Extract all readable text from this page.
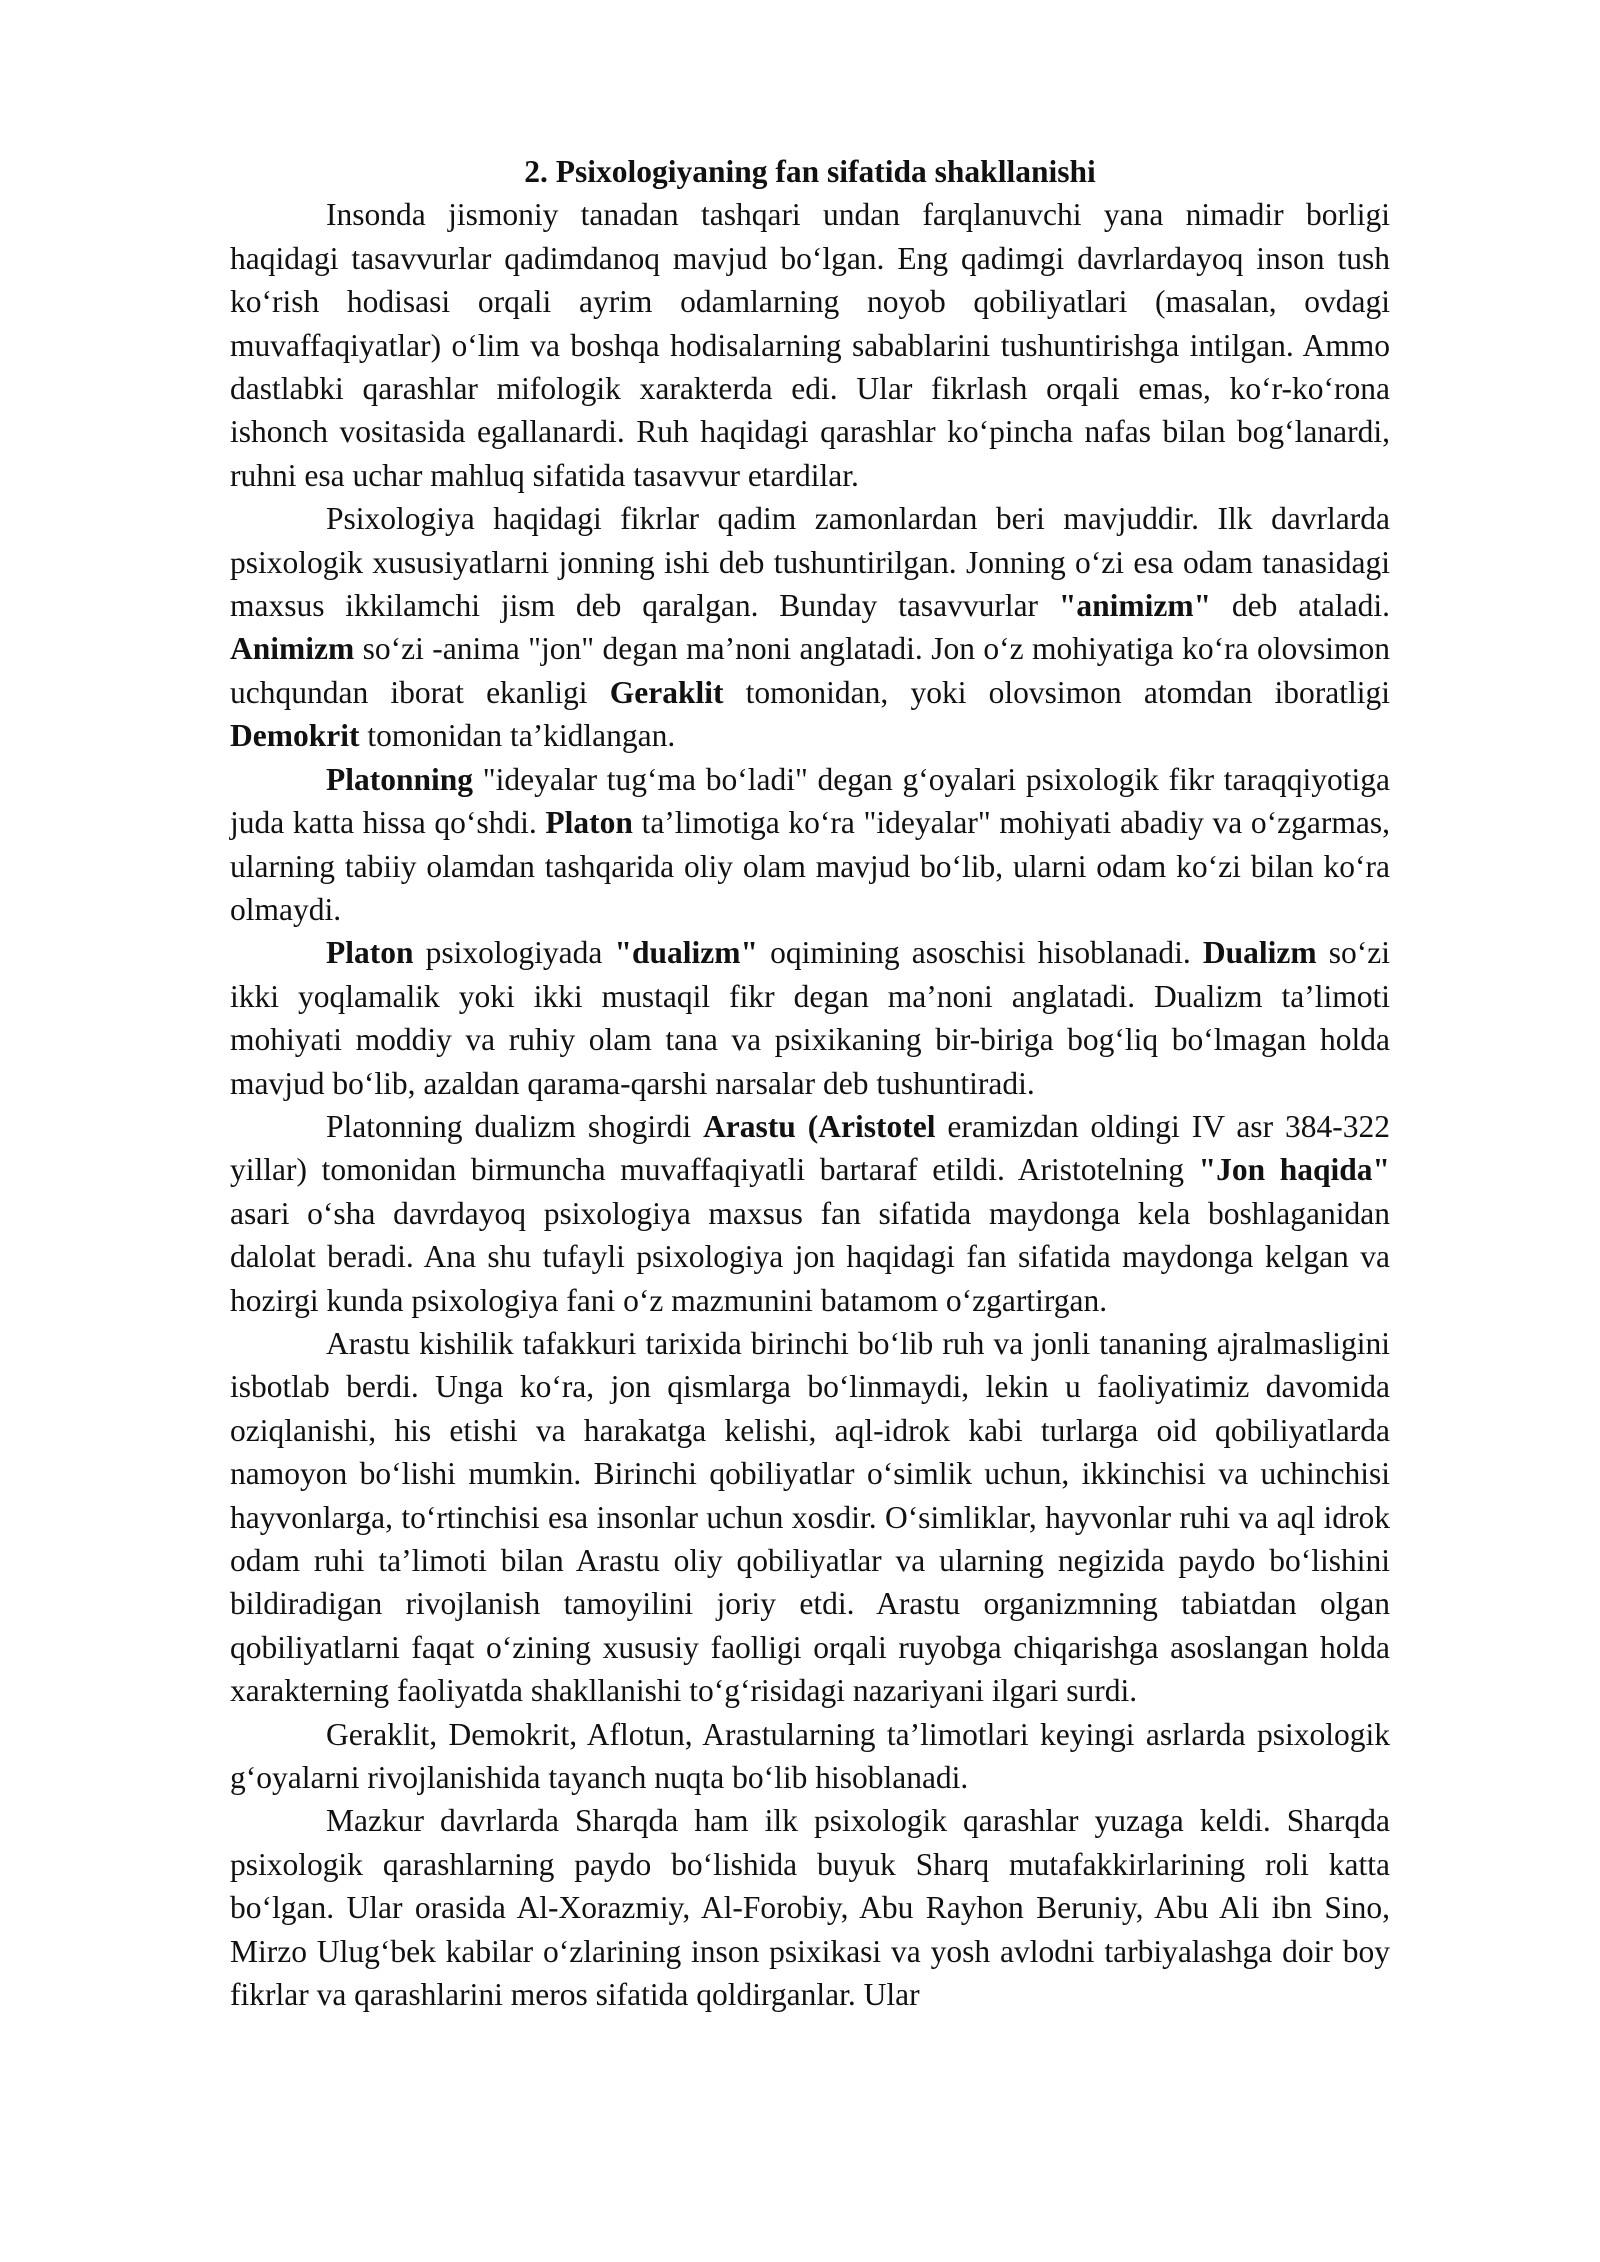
2. Psixologiyaning fan sifatida shakllanishi

Insonda jismoniy tanadan tashqari undan farqlanuvchi yana nimadir borligi haqidagi tasavvurlar qadimdanoq mavjud bo‘lgan. Eng qadimgi davrlardayoq inson tush ko‘rish hodisasi orqali ayrim odamlarning noyob qobiliyatlari (masalan, ovdagi muvaffaqiyatlar) o‘lim va boshqa hodisalarning sabablarini tushuntirishga intilgan. Ammo dastlabki qarashlar mifologik xarakterda edi. Ular fikrlash orqali emas, ko‘r-ko‘rona ishonch vositasida egallanardi. Ruh haqidagi qarashlar ko‘pincha nafas bilan bog‘lanardi, ruhni esa uchar mahluq sifatida tasavvur etardilar.

Psixologiya haqidagi fikrlar qadim zamonlardan beri mavjuddir. Ilk davrlarda psixologik xususiyatlarni jonning ishi deb tushuntirilgan. Jonning o‘zi esa odam tanasidagi maxsus ikkilamchi jism deb qaralgan. Bunday tasavvurlar "animizm" deb ataladi. Animizm so‘zi -anima "jon" degan ma’noni anglatadi. Jon o‘z mohiyatiga ko‘ra olovsimon uchqundan iborat ekanligi Geraklit tomonidan, yoki olovsimon atomdan iboratligi Demokrit tomonidan ta’kidlangan.

Platonning "ideyalar tug‘ma bo‘ladi" degan g‘oyalari psixologik fikr taraqqiyotiga juda katta hissa qo‘shdi. Platon ta’limotiga ko‘ra "ideyalar" mohiyati abadiy va o‘zgarmas, ularning tabiiy olamdan tashqarida oliy olam mavjud bo‘lib, ularni odam ko‘zi bilan ko‘ra olmaydi.

Platon psixologiyada "dualizm" oqimining asoschisi hisoblanadi. Dualizm so‘zi ikki yoqlamalik yoki ikki mustaqil fikr degan ma’noni anglatadi. Dualizm ta’limoti mohiyati moddiy va ruhiy olam tana va psixikaning bir-biriga bog‘liq bo‘lmagan holda mavjud bo‘lib, azaldan qarama-qarshi narsalar deb tushuntiradi.

Platonning dualizm shogirdi Arastu (Aristotel eramizdan oldingi IV asr 384-322 yillar) tomonidan birmuncha muvaffaqiyatli bartaraf etildi. Aristotelning "Jon haqida" asari o‘sha davrdayoq psixologiya maxsus fan sifatida maydonga kela boshlaganidan dalolat beradi. Ana shu tufayli psixologiya jon haqidagi fan sifatida maydonga kelgan va hozirgi kunda psixologiya fani o‘z mazmunini batamom o‘zgartirgan.

Arastu kishilik tafakkuri tarixida birinchi bo‘lib ruh va jonli tananing ajralmasligini isbotlab berdi. Unga ko‘ra, jon qismlarga bo‘linmaydi, lekin u faoliyatimiz davomida oziqlanishi, his etishi va harakatga kelishi, aql-idrok kabi turlarga oid qobiliyatlarda namoyon bo‘lishi mumkin. Birinchi qobiliyatlar o‘simlik uchun, ikkinchisi va uchinchisi hayvonlarga, to‘rtinchisi esa insonlar uchun xosdir. O‘simliklar, hayvonlar ruhi va aql idrok odam ruhi ta’limoti bilan Arastu oliy qobiliyatlar va ularning negizida paydo bo‘lishini bildiradigan rivojlanish tamoyilini joriy etdi. Arastu organizmning tabiatdan olgan qobiliyatlarni faqat o‘zining xususiy faolligi orqali ruyobga chiqarishga asoslangan holda xarakterning faoliyatda shakllanishi to‘g‘risidagi nazariyani ilgari surdi.

Geraklit, Demokrit, Aflotun, Arastularning ta’limotlari keyingi asrlarda psixologik g‘oyalarni rivojlanishida tayanch nuqta bo‘lib hisoblanadi.

Mazkur davrlarda Sharqda ham ilk psixologik qarashlar yuzaga keldi. Sharqda psixologik qarashlarning paydo bo‘lishida buyuk Sharq mutafakkirlarining roli katta bo‘lgan. Ular orasida Al-Xorazmiy, Al-Forobiy, Abu Rayhon Beruniy, Abu Ali ibn Sino, Mirzo Ulug‘bek kabilar o‘zlarining inson psixikasi va yosh avlodni tarbiyalashga doir boy fikrlar va qarashlarini meros sifatida qoldirganlar. Ular
